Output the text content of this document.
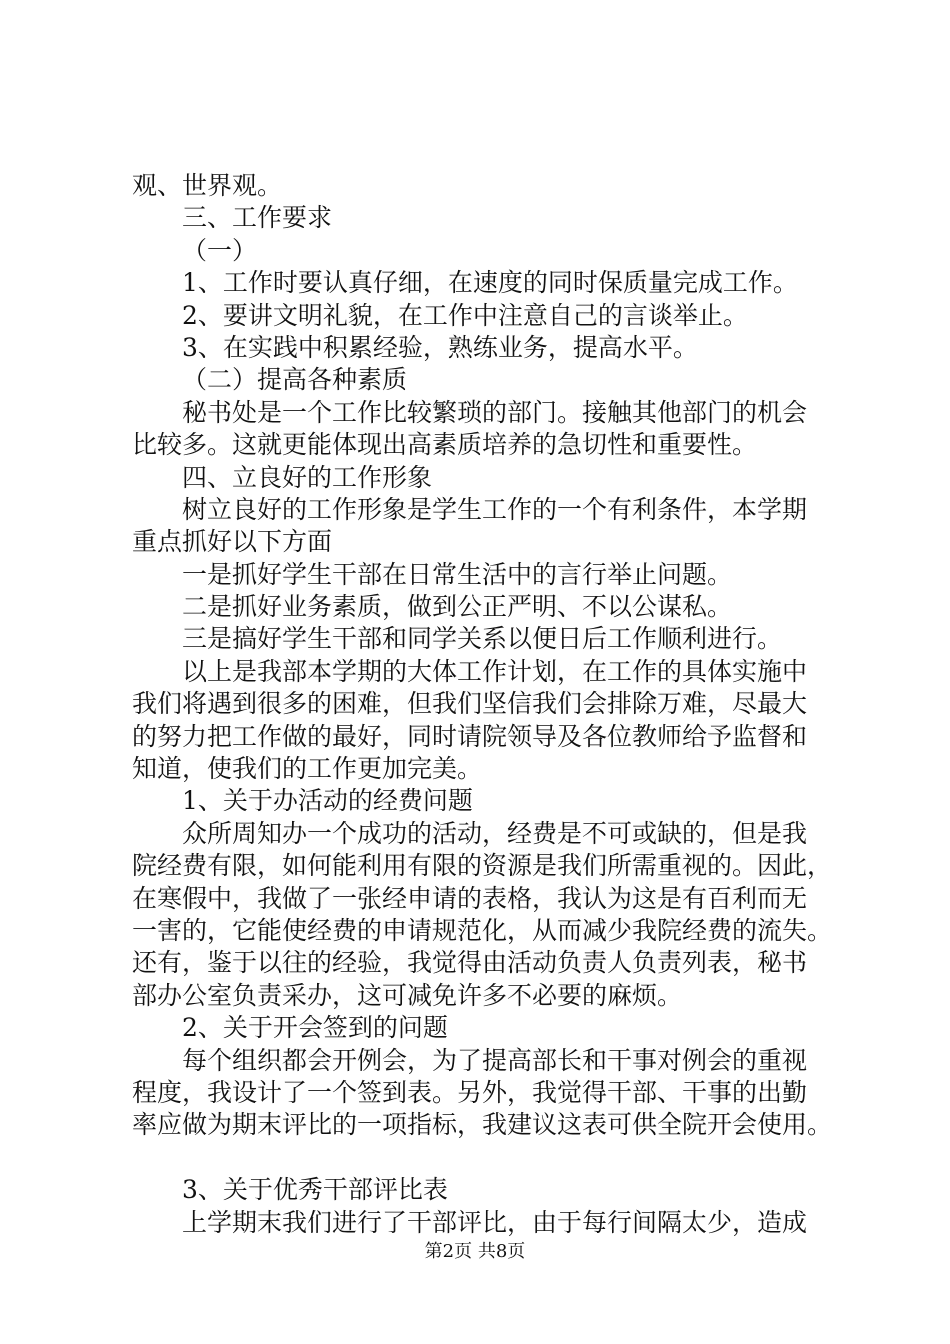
观、世界观。
三、工作要求
（一）
1、工作时要认真仔细，在速度的同时保质量完成工作。
2、要讲文明礼貌，在工作中注意自己的言谈举止。
3、在实践中积累经验，熟练业务，提高水平。
（二）提高各种素质
秘书处是一个工作比较繁琐的部门。接触其他部门的机会
比较多。这就更能体现出高素质培养的急切性和重要性。
四、立良好的工作形象
树立良好的工作形象是学生工作的一个有利条件，本学期
重点抓好以下方面
一是抓好学生干部在日常生活中的言行举止问题。
二是抓好业务素质，做到公正严明、不以公谋私。
三是搞好学生干部和同学关系以便日后工作顺利进行。
以上是我部本学期的大体工作计划，在工作的具体实施中
我们将遇到很多的困难，但我们坚信我们会排除万难，尽最大
的努力把工作做的最好，同时请院领导及各位教师给予监督和
知道，使我们的工作更加完美。
1、关于办活动的经费问题
众所周知办一个成功的活动，经费是不可或缺的，但是我
院经费有限，如何能利用有限的资源是我们所需重视的。因此，
在寒假中，我做了一张经申请的表格，我认为这是有百利而无
一害的，它能使经费的申请规范化，从而减少我院经费的流失。
还有，鉴于以往的经验，我觉得由活动负责人负责列表，秘书
部办公室负责采办，这可减免许多不必要的麻烦。
2、关于开会签到的问题
每个组织都会开例会，为了提高部长和干事对例会的重视
程度，我设计了一个签到表。另外，我觉得干部、干事的出勤
率应做为期末评比的一项指标，我建议这表可供全院开会使用。
3、关于优秀干部评比表
上学期末我们进行了干部评比，由于每行间隔太少，造成
第2页 共8页
